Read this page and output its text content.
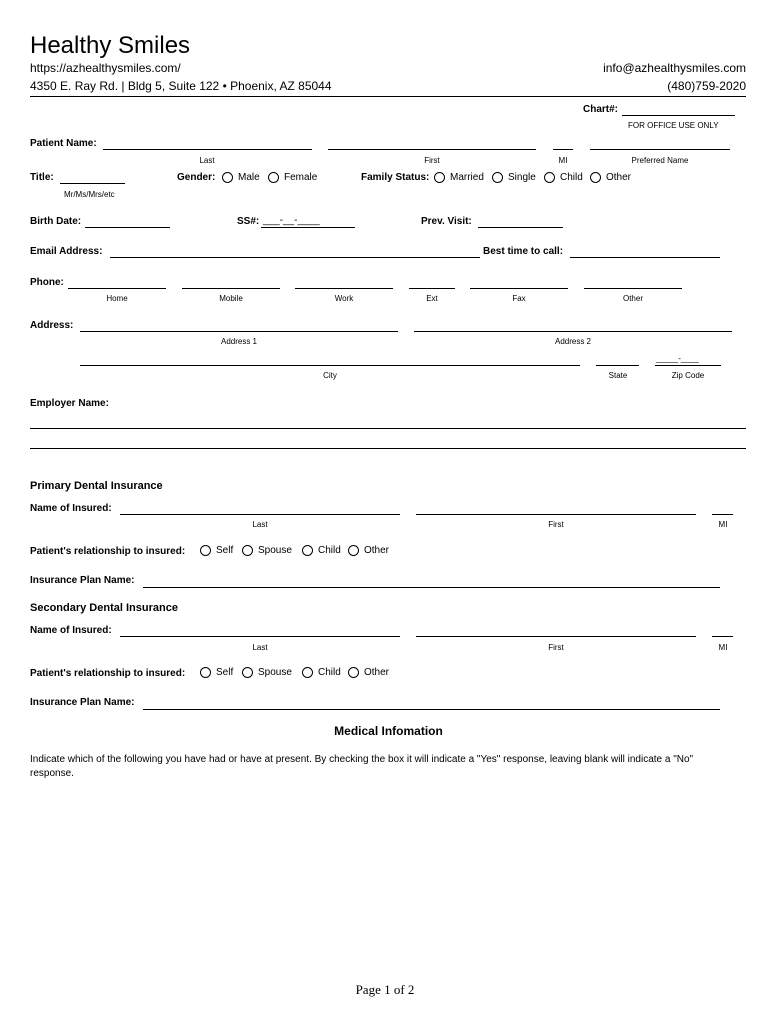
Healthy Smiles
https://azhealthysmiles.com/
4350 E. Ray Rd. | Bldg 5, Suite 122 • Phoenix, AZ 85044
info@azhealthysmiles.com
(480)759-2020
Chart#:
FOR OFFICE USE ONLY
Patient Name:
Last	First	MI	Preferred Name
Title:
Mr/Ms/Mrs/etc
Gender: Male Female	Family Status: Married Single Child Other
Birth Date:	SS#: ___-__-____	Prev. Visit:
Email Address:	Best time to call:
Phone:
Home	Mobile	Work	Ext	Fax	Other
Address:
Address 1	Address 2
_____-____
City	State	Zip Code
Employer Name:
Primary Dental Insurance
Name of Insured:
Last	First	MI
Patient's relationship to insured:	Self Spouse	Child Other
Insurance Plan Name:
Secondary Dental Insurance
Name of Insured:
Last	First	MI
Patient's relationship to insured:	Self Spouse	Child Other
Insurance Plan Name:
Medical Infomation
Indicate which of the following you have had or have at present. By checking the box it will indicate a "Yes" response, leaving blank will indicate a "No" response.
Page 1 of 2
